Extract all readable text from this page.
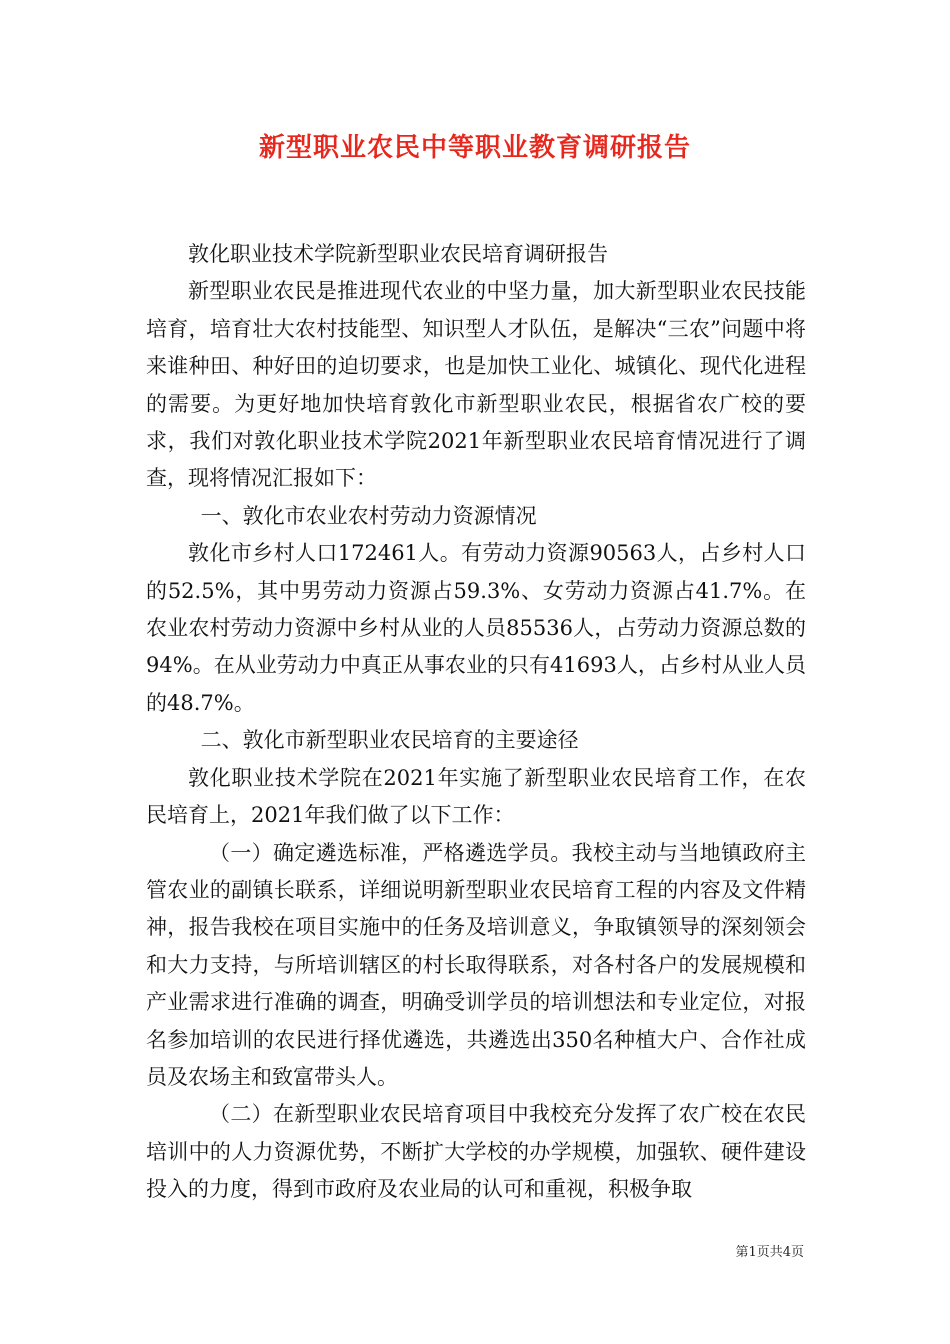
新型职业农民中等职业教育调研报告

敦化职业技术学院新型职业农民培育调研报告

新型职业农民是推进现代农业的中坚力量，加大新型职业农民技能培育，培育壮大农村技能型、知识型人才队伍，是解决“三农”问题中将来谁种田、种好田的迫切要求，也是加快工业化、城镇化、现代化进程的需要。为更好地加快培育敦化市新型职业农民，根据省农广校的要求，我们对敦化职业技术学院2021年新型职业农民培育情况进行了调查，现将情况汇报如下：

一、敦化市农业农村劳动力资源情况

敦化市乡村人口172461人。有劳动力资源90563人，占乡村人口的52.5%，其中男劳动力资源占59.3%、女劳动力资源占41.7%。在农业农村劳动力资源中乡村从业的人员85536人，占劳动力资源总数的94%。在从业劳动力中真正从事农业的只有41693人，占乡村从业人员的48.7%。

二、敦化市新型职业农民培育的主要途径

敦化职业技术学院在2021年实施了新型职业农民培育工作，在农民培育上，2021年我们做了以下工作：

（一）确定遴选标准，严格遴选学员。我校主动与当地镇政府主管农业的副镇长联系，详细说明新型职业农民培育工程的内容及文件精神，报告我校在项目实施中的任务及培训意义，争取镇领导的深刻领会和大力支持，与所培训辖区的村长取得联系，对各村各户的发展规模和产业需求进行准确的调查，明确受训学员的培训想法和专业定位，对报名参加培训的农民进行择优遴选，共遴选出350名种植大户、合作社成员及农场主和致富带头人。

（二）在新型职业农民培育项目中我校充分发挥了农广校在农民培训中的人力资源优势，不断扩大学校的办学规模，加强软、硬件建设投入的力度，得到市政府及农业局的认可和重视，积极争取

第1页共4页
